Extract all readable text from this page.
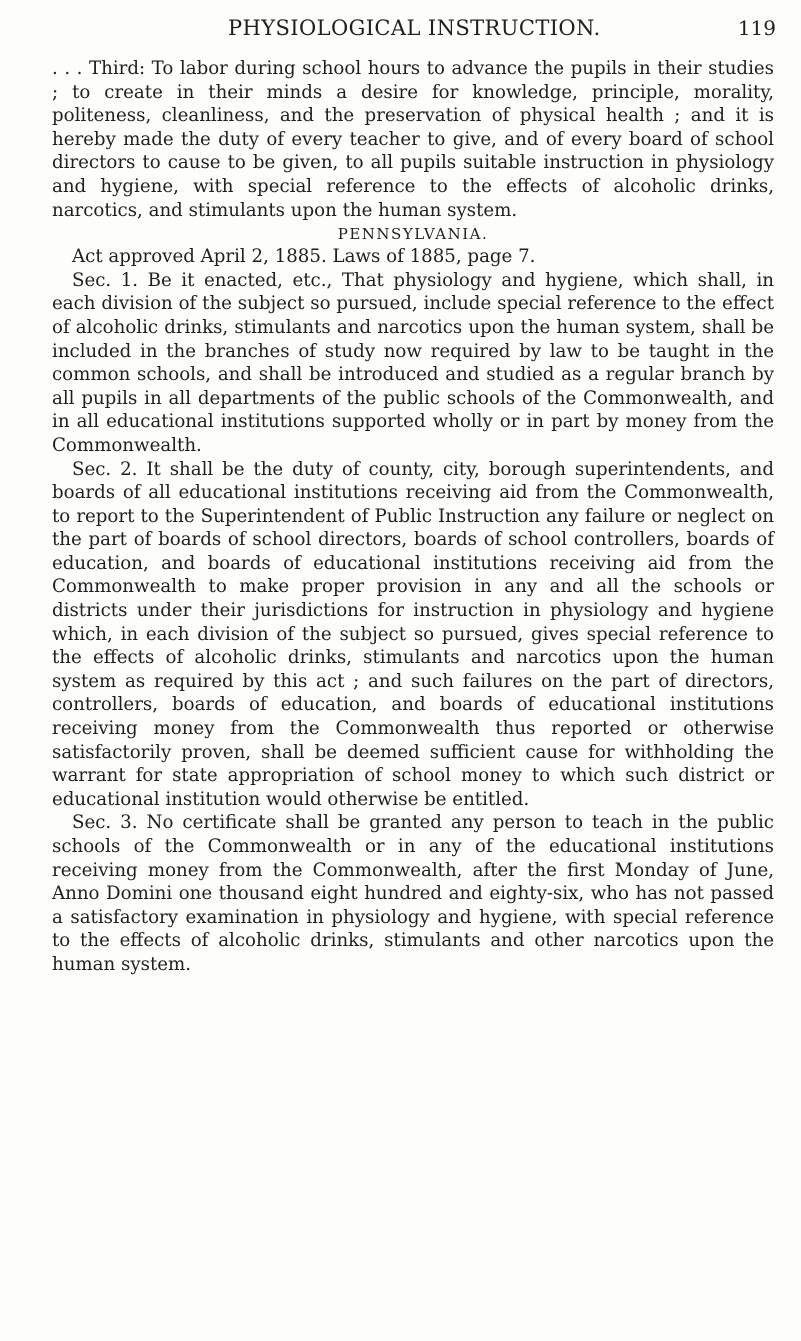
PHYSIOLOGICAL INSTRUCTION.	119

. . . Third: To labor during school hours to advance the pupils in their studies ; to create in their minds a desire for knowledge, principle, morality, politeness, cleanliness, and the preservation of physical health ; and it is hereby made the duty of every teacher to give, and of every board of school directors to cause to be given, to all pupils suitable instruction in physiology and hygiene, with special reference to the effects of alcoholic drinks, narcotics, and stimulants upon the human system.

PENNSYLVANIA.

Act approved April 2, 1885. Laws of 1885, page 7.

Sec. 1. Be it enacted, etc., That physiology and hygiene, which shall, in each division of the subject so pursued, include special reference to the effect of alcoholic drinks, stimulants and narcotics upon the human system, shall be included in the branches of study now required by law to be taught in the common schools, and shall be introduced and studied as a regular branch by all pupils in all departments of the public schools of the Commonwealth, and in all educational institutions supported wholly or in part by money from the Commonwealth.

Sec. 2. It shall be the duty of county, city, borough superintendents, and boards of all educational institutions receiving aid from the Commonwealth, to report to the Superintendent of Public Instruction any failure or neglect on the part of boards of school directors, boards of school controllers, boards of education, and boards of educational institutions receiving aid from the Commonwealth to make proper provision in any and all the schools or districts under their jurisdictions for instruction in physiology and hygiene which, in each division of the subject so pursued, gives special reference to the effects of alcoholic drinks, stimulants and narcotics upon the human system as required by this act ; and such failures on the part of directors, controllers, boards of education, and boards of educational institutions receiving money from the Commonwealth thus reported or otherwise satisfactorily proven, shall be deemed sufficient cause for withholding the warrant for state appropriation of school money to which such district or educational institution would otherwise be entitled.

Sec. 3. No certificate shall be granted any person to teach in the public schools of the Commonwealth or in any of the educational institutions receiving money from the Commonwealth, after the first Monday of June, Anno Domini one thousand eight hundred and eighty-six, who has not passed a satisfactory examination in physiology and hygiene, with special reference to the effects of alcoholic drinks, stimulants and other narcotics upon the human system.
